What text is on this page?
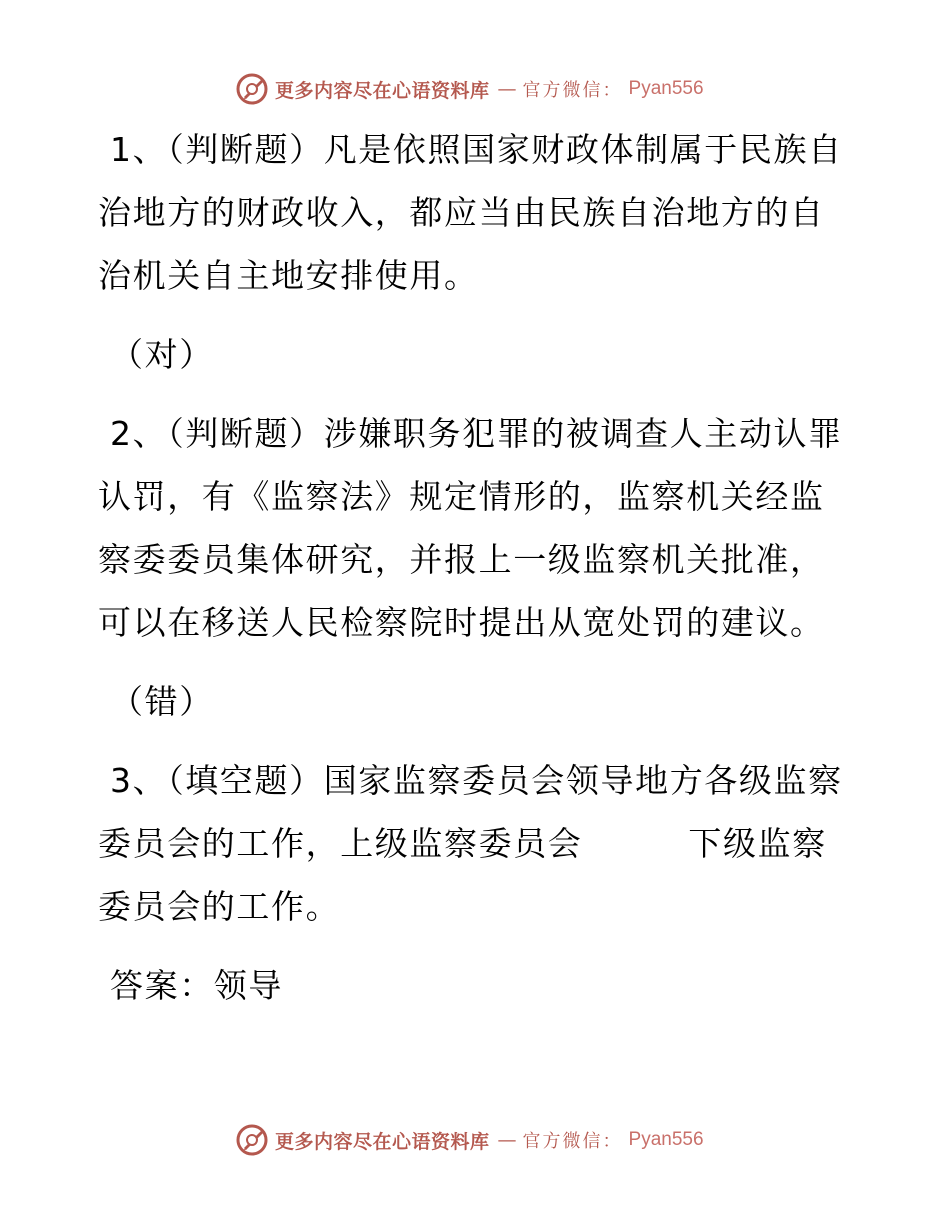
更多内容尽在心语资料库 — 官方微信： Pyan556

1、（判断题）凡是依照国家财政体制属于民族自治地方的财政收入，都应当由民族自治地方的自治机关自主地安排使用。

（对）

2、（判断题）涉嫌职务犯罪的被调查人主动认罪认罚，有《监察法》规定情形的，监察机关经监察委委员集体研究，并报上一级监察机关批准，可以在移送人民检察院时提出从宽处罚的建议。

（错）

3、（填空题）国家监察委员会领导地方各级监察委员会的工作，上级监察委员会	下级监察委员会的工作。

答案：领导

更多内容尽在心语资料库 — 官方微信： Pyan556
